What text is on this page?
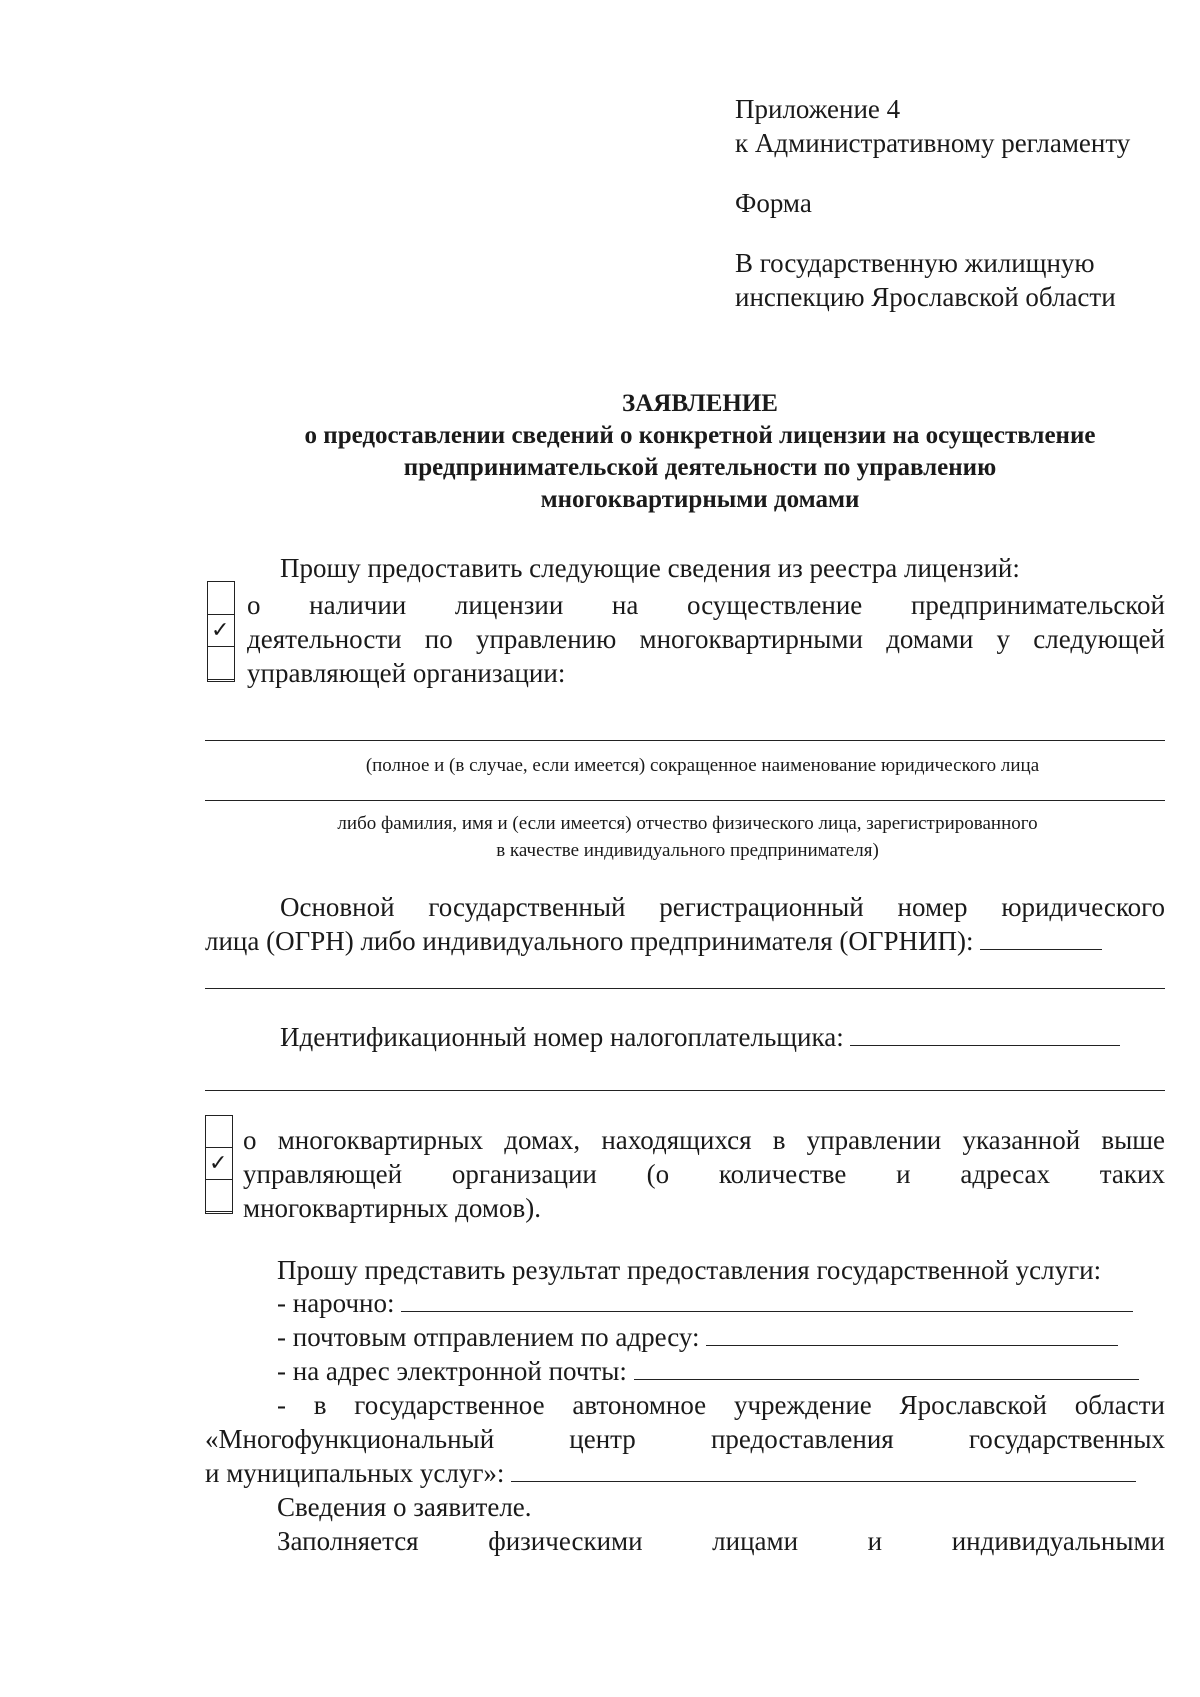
Приложение 4
к Административному регламенту
Форма
В государственную жилищную
инспекцию Ярославской области
ЗАЯВЛЕНИЕ
о предоставлении сведений о конкретной лицензии на осуществление
предпринимательской деятельности по управлению
многоквартирными домами
Прошу предоставить следующие сведения из реестра лицензий:
✓
о наличии лицензии на осуществление предпринимательской
деятельности по управлению многоквартирными домами у следующей
управляющей организации:
(полное и (в случае, если имеется) сокращенное наименование юридического лица
либо фамилия, имя и (если имеется) отчество физического лица, зарегистрированного
в качестве индивидуального предпринимателя)
Основной государственный регистрационный номер юридического
лица (ОГРН) либо индивидуального предпринимателя (ОГРНИП):
Идентификационный номер налогоплательщика:
✓
о многоквартирных домах, находящихся в управлении указанной выше
управляющей организации (о количестве и адресах таких
многоквартирных домов).
Прошу представить результат предоставления государственной услуги:
- нарочно:
- почтовым отправлением по адресу:
- на адрес электронной почты:
- в государственное автономное учреждение Ярославской области
«Многофункциональный центр предоставления государственных
и муниципальных услуг»:
Сведения о заявителе.
Заполняется физическими лицами и индивидуальными
